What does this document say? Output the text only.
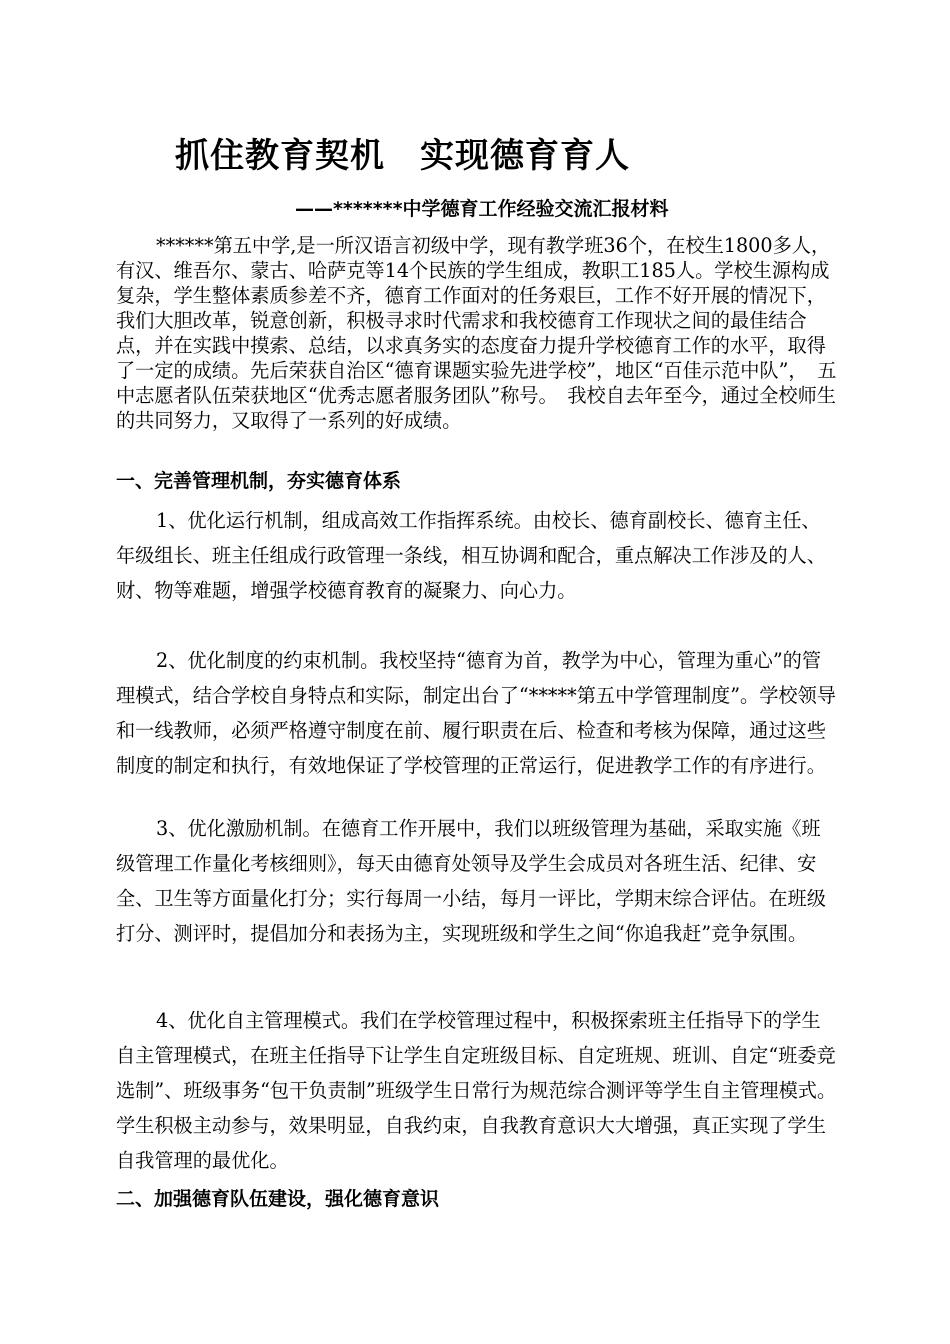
抓住教育契机　实现德育育人
——*******中学德育工作经验交流汇报材料

******第五中学,是一所汉语言初级中学，现有教学班36个，在校生1800多人，有汉、维吾尔、蒙古、哈萨克等14个民族的学生组成，教职工185人。学校生源构成复杂，学生整体素质参差不齐，德育工作面对的任务艰巨，工作不好开展的情况下，我们大胆改革，锐意创新，积极寻求时代需求和我校德育工作现状之间的最佳结合点，并在实践中摸索、总结，以求真务实的态度奋力提升学校德育工作的水平，取得了一定的成绩。先后荣获自治区“德育课题实验先进学校”，地区“百佳示范中队”，　五中志愿者队伍荣获地区“优秀志愿者服务团队”称号。　我校自去年至今，通过全校师生的共同努力，又取得了一系列的好成绩。

一、完善管理机制，夯实德育体系

1、优化运行机制，组成高效工作指挥系统。由校长、德育副校长、德育主任、年级组长、班主任组成行政管理一条线，相互协调和配合，重点解决工作涉及的人、财、物等难题，增强学校德育教育的凝聚力、向心力。

2、优化制度的约束机制。我校坚持“德育为首，教学为中心，管理为重心”的管理模式，结合学校自身特点和实际，制定出台了“*****第五中学管理制度”。学校领导和一线教师，必须严格遵守制度在前、履行职责在后、检查和考核为保障，通过这些制度的制定和执行，有效地保证了学校管理的正常运行，促进教学工作的有序进行。

3、优化激励机制。在德育工作开展中，我们以班级管理为基础，采取实施《班级管理工作量化考核细则》，每天由德育处领导及学生会成员对各班生活、纪律、安全、卫生等方面量化打分；实行每周一小结，每月一评比，学期末综合评估。在班级打分、测评时，提倡加分和表扬为主，实现班级和学生之间“你追我赶”竞争氛围。

4、优化自主管理模式。我们在学校管理过程中，积极探索班主任指导下的学生自主管理模式，在班主任指导下让学生自定班级目标、自定班规、班训、自定“班委竞选制”、班级事务“包干负责制”班级学生日常行为规范综合测评等学生自主管理模式。学生积极主动参与，效果明显，自我约束，自我教育意识大大增强，真正实现了学生自我管理的最优化。

二、加强德育队伍建设，强化德育意识
